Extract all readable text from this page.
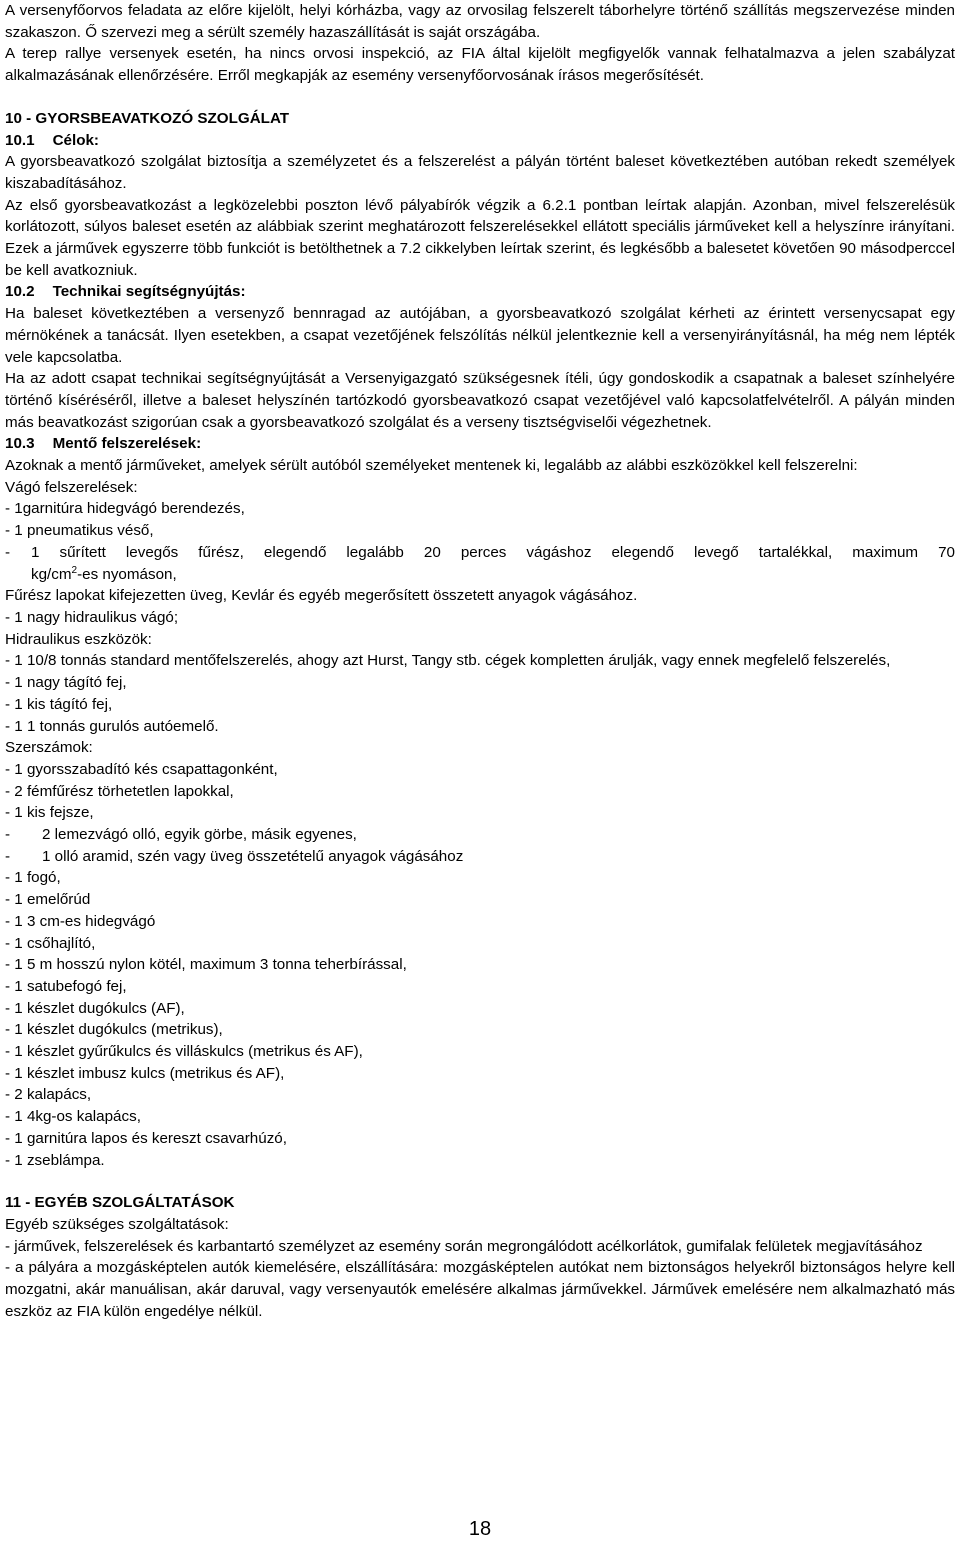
A versenyfőorvos feladata az előre kijelölt, helyi kórházba, vagy az orvosilag felszerelt táborhelyre történő szállítás megszervezése minden szakaszon. Ő szervezi meg a sérült személy hazaszállítását is saját országába.

A terep rallye versenyek esetén, ha nincs orvosi inspekció, az FIA által kijelölt megfigyelők vannak felhatalmazva a jelen szabályzat alkalmazásának ellenőrzésére. Erről megkapják az esemény versenyfőorvosának írásos megerősítését.

10 - GYORSBEAVATKOZÓ SZOLGÁLAT

10.1 Célok:

A gyorsbeavatkozó szolgálat biztosítja a személyzetet és a felszerelést a pályán történt baleset következtében autóban rekedt személyek kiszabadításához.

Az első gyorsbeavatkozást a legközelebbi poszton lévő pályabírók végzik a 6.2.1 pontban leírtak alapján. Azonban, mivel felszerelésük korlátozott, súlyos baleset esetén az alábbiak szerint meghatározott felszerelésekkel ellátott speciális járműveket kell a helyszínre irányítani. Ezek a járművek egyszerre több funkciót is betölthetnek a 7.2 cikkelyben leírtak szerint, és legkésőbb a balesetet követően 90 másodperccel be kell avatkozniuk.

10.2 Technikai segítségnyújtás:

Ha baleset következtében a versenyző bennragad az autójában, a gyorsbeavatkozó szolgálat kérheti az érintett versenycsapat egy mérnökének a tanácsát. Ilyen esetekben, a csapat vezetőjének felszólítás nélkül jelentkeznie kell a versenyirányításnál, ha még nem lépték vele kapcsolatba.

Ha az adott csapat technikai segítségnyújtását a Versenyigazgató szükségesnek ítéli, úgy gondoskodik a csapatnak a baleset színhelyére történő kíséréséről, illetve a baleset helyszínén tartózkodó gyorsbeavatkozó csapat vezetőjével való kapcsolatfelvételről. A pályán minden más beavatkozást szigorúan csak a gyorsbeavatkozó szolgálat és a verseny tisztségviselői végezhetnek.

10.3 Mentő felszerelések:

Azoknak a mentő járműveket, amelyek sérült autóból személyeket mentenek ki, legalább az alábbi eszközökkel kell felszerelni:

Vágó felszerelések:

- 1garnitúra hidegvágó berendezés,

- 1 pneumatikus véső,

- 1 sűrített levegős fűrész, elegendő legalább 20 perces vágáshoz elegendő levegő tartalékkal, maximum 70

$kg/cm^2-es$ nyomáson,

Fűrész lapokat kifejezetten üveg, Kevlár és egyéb megerősített összetett anyagok vágásához.

- 1 nagy hidraulikus vágó;

Hidraulikus eszközök:

- 1 10/8 tonnás standard mentőfelszerelés, ahogy azt Hurst, Tangy stb. cégek kompletten árulják, vagy ennek megfelelő felszerelés,

- 1 nagy tágító fej,

- 1 kis tágító fej,

- 1 1 tonnás gurulós autóemelő.

Szerszámok:

- 1 gyorsszabadító kés csapattagonként,

- 2 fémfűrész törhetetlen lapokkal,

- 1 kis fejsze,

- 2 lemezvágó olló, egyik görbe, másik egyenes,

- 1 olló aramid, szén vagy üveg összetételű anyagok vágásához

- 1 fogó,

- 1 emelőrúd

- 1 3 cm-es hidegvágó

- 1 csőhajlító,

- 1 5 m hosszú nylon kötél, maximum 3 tonna teherbírással,

- 1 satubefogó fej,

- 1 készlet dugókulcs (AF),

- 1 készlet dugókulcs (metrikus),

- 1 készlet gyűrűkulcs és villáskulcs (metrikus és AF),

- 1 készlet imbusz kulcs (metrikus és AF),

- 2 kalapács,

- 1 4kg-os kalapács,

- 1 garnitúra lapos és kereszt csavarhúzó,

- 1 zseblámpa.

11 - EGYÉB SZOLGÁLTATÁSOK

Egyéb szükséges szolgáltatások:

- járművek, felszerelések és karbantartó személyzet az esemény során megrongálódott acélkorlátok, gumifalak felületek megjavításához

- a pályára a mozgásképtelen autók kiemelésére, elszállítására: mozgásképtelen autókat nem biztonságos helyekről biztonságos helyre kell mozgatni, akár manuálisan, akár daruval, vagy versenyautók emelésére alkalmas járművekkel. Járművek emelésére nem alkalmazható más eszköz az FIA külön engedélye nélkül.

18
